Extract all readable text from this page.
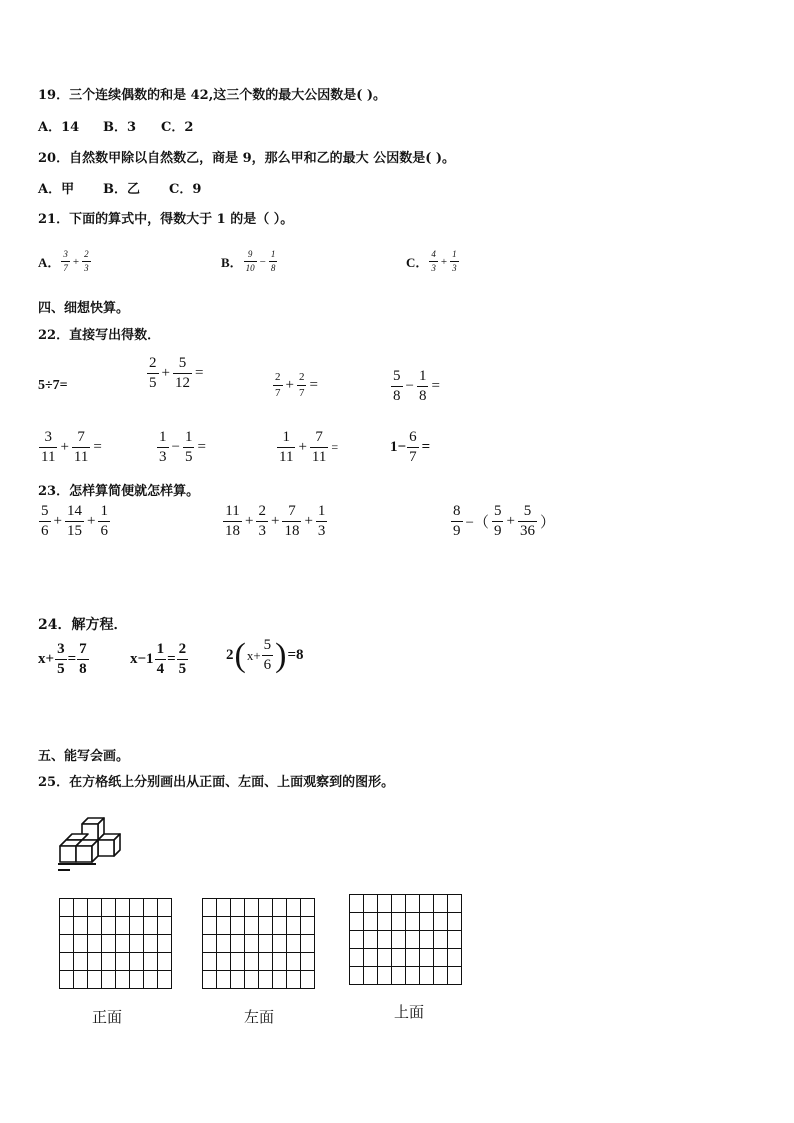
19．三个连续偶数的和是 42,这三个数的最大公因数是( )。
A．14 B．3 C．2
20．自然数甲除以自然数乙，商是 9，那么甲和乙的最大 公因数是( )。
A．甲 B．乙 C．9
21．下面的算式中，得数大于 1 的是（ ）。
A． $\frac{3}{7} + \frac{2}{3}$	B． $\frac{9}{10} - \frac{1}{8}$	C． $\frac{4}{3} + \frac{1}{3}$
四、细想快算。
22．直接写出得数．
5÷7=	$\frac{2}{5} + \frac{5}{12}$ =	$\frac{2}{7} + \frac{2}{7}$ =	$\frac{5}{8} - \frac{1}{8}$ =
$\frac{3}{11} + \frac{7}{11}$ =	$\frac{1}{3} - \frac{1}{5}$ =	$\frac{1}{11} + \frac{7}{11}$ =	$1- \frac{6}{7}$ =
23．怎样算简便就怎样算。
$\frac{5}{6} + \frac{14}{15} + \frac{1}{6}$	$\frac{11}{18} + \frac{2}{3} + \frac{7}{18} + \frac{1}{3}$	$\frac{8}{9}$ −（ $\frac{5}{9} + \frac{5}{36}$ ）
24．解方程．
$x+ \frac{3}{5} = \frac{7}{8}$	$x-1 \frac{1}{4} = \frac{2}{5}$	2 ( $x+ \frac{5}{6}$ ) =8
五、能写会画。
25．在方格纸上分别画出从正面、左面、上面观察到的图形。

正面	左面	上面
